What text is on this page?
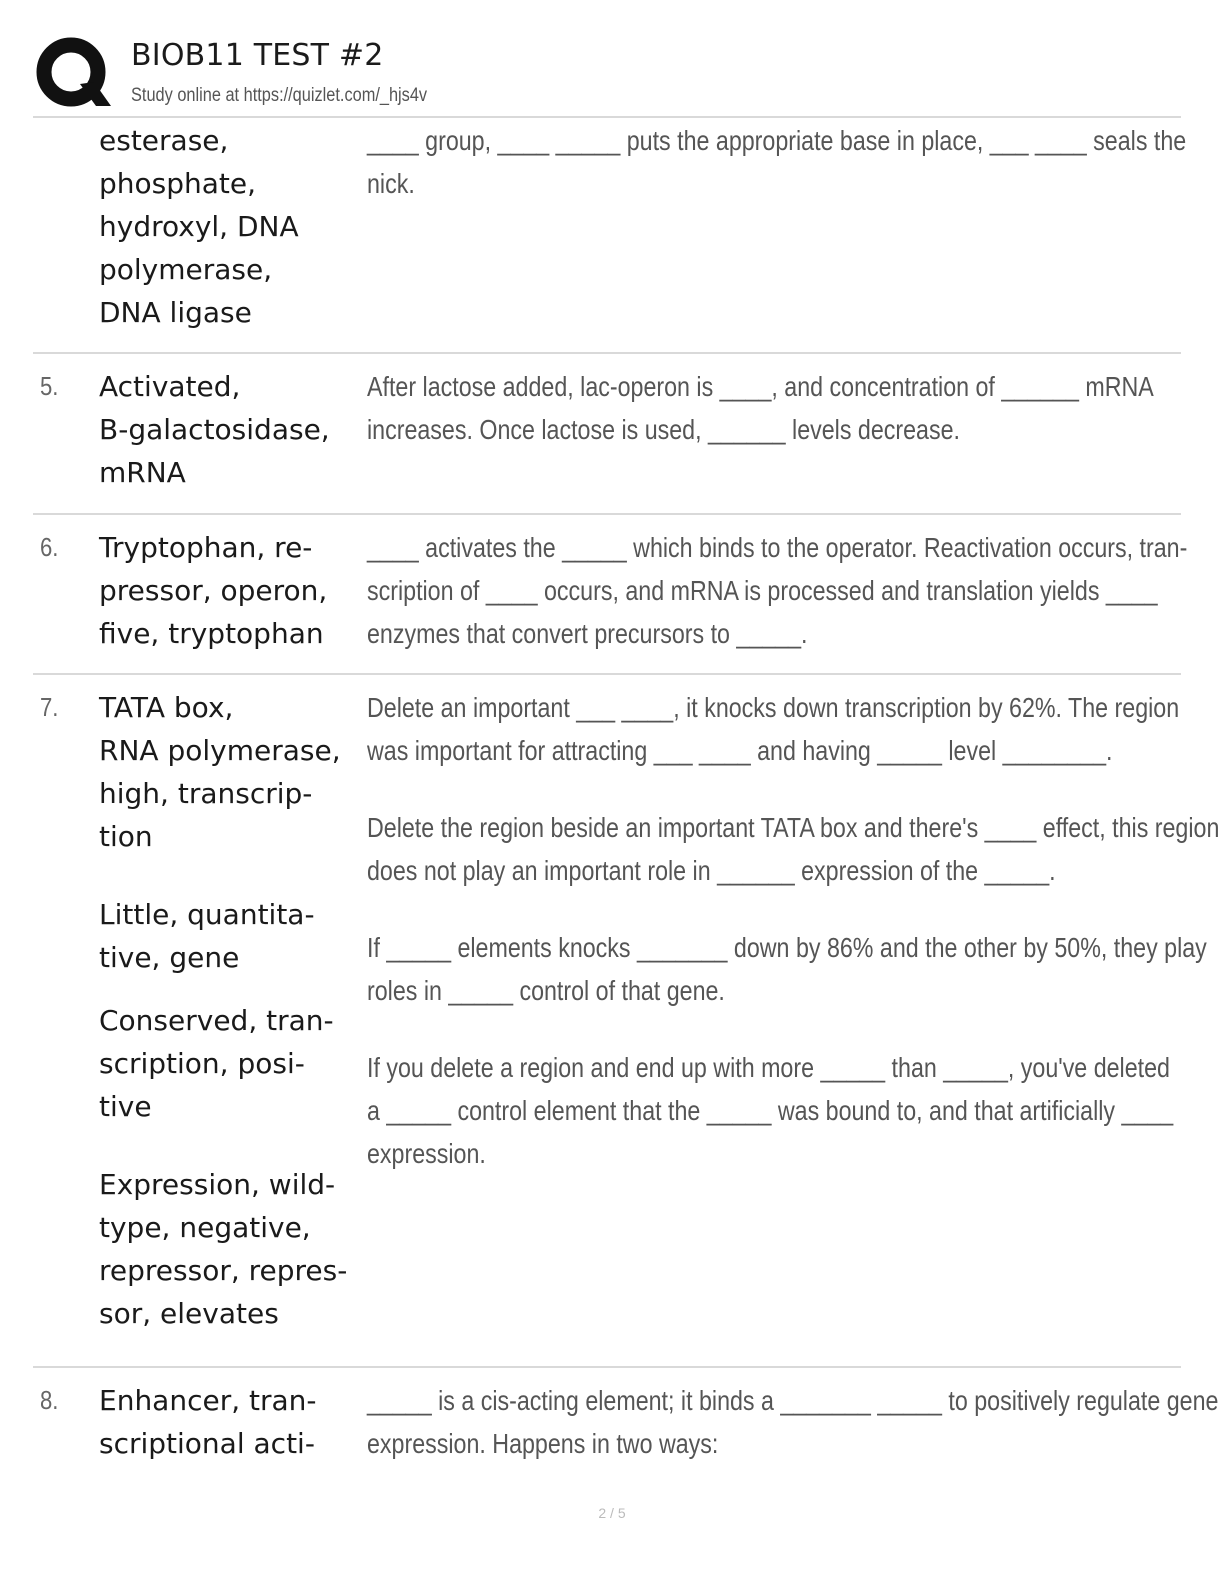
BIOB11 TEST #2
Study online at https://quizlet.com/_hjs4v

esterase,

phosphate,

hydroxyl, DNA

polymerase,

DNA ligase

____ group, ____ _____ puts the appropriate base in place, ___ ____ seals the

nick.

5. Activated,

B-galactosidase,

mRNA

After lactose added, lac-operon is ____, and concentration of ______ mRNA

increases. Once lactose is used, ______ levels decrease.

6. Tryptophan, re-

pressor, operon,

five, tryptophan

____ activates the _____ which binds to the operator. Reactivation occurs, tran-

scription of ____ occurs, and mRNA is processed and translation yields ____

enzymes that convert precursors to _____.

7. TATA box,

RNA polymerase,

high, transcrip-

tion

Little, quantita-

tive, gene

Conserved, tran-

scription, posi-

tive

Expression, wild-

type, negative,

repressor, repres-

sor, elevates

Delete an important ___ ____, it knocks down transcription by 62%. The region

was important for attracting ___ ____ and having _____ level ________.

Delete the region beside an important TATA box and there's ____ effect, this region

does not play an important role in ______ expression of the _____.

If _____ elements knocks _______ down by 86% and the other by 50%, they play

roles in _____ control of that gene.

If you delete a region and end up with more _____ than _____, you've deleted

a _____ control element that the _____ was bound to, and that artificially ____

expression.

8. Enhancer, tran-

scriptional acti-

_____ is a cis-acting element; it binds a _______ _____ to positively regulate gene

expression. Happens in two ways:

2 / 5
